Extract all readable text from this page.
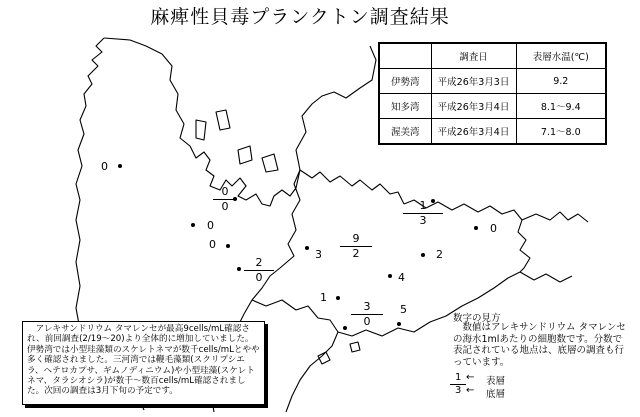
麻痺性貝毒プランクトン調査結果
0
0
0
3	2
4
1
5
0
0
0
2
0
9
2
1
3
3
0
	調査日	表層水温(℃)
伊勢湾	平成26年3月3日	9.2
知多湾	平成26年3月4日	8.1～9.4
渥美湾	平成26年3月4日	7.1～8.0
アレキサンドリウム タマレンセが最高9cells/mL確認され、前回調査(2/19～20)より全体的に増加していました。伊勢湾では小型珪藻類のスケレトネマが数千cells/mLとやや多く確認されました。三河湾では鞭毛藻類(スクリプシエラ、ヘテロカプサ、ギムノディニウム)や小型珪藻(スケレトネマ、タラシオシラ)が数千～数百cells/mL確認されました。次回の調査は3月下旬の予定です。
数字の見方
数値はアレキサンドリウム タマレンセの海水1mlあたりの細胞数です。分数で表記されている地点は、底層の調査も行っています。
1
3
←
←
表層
底層
